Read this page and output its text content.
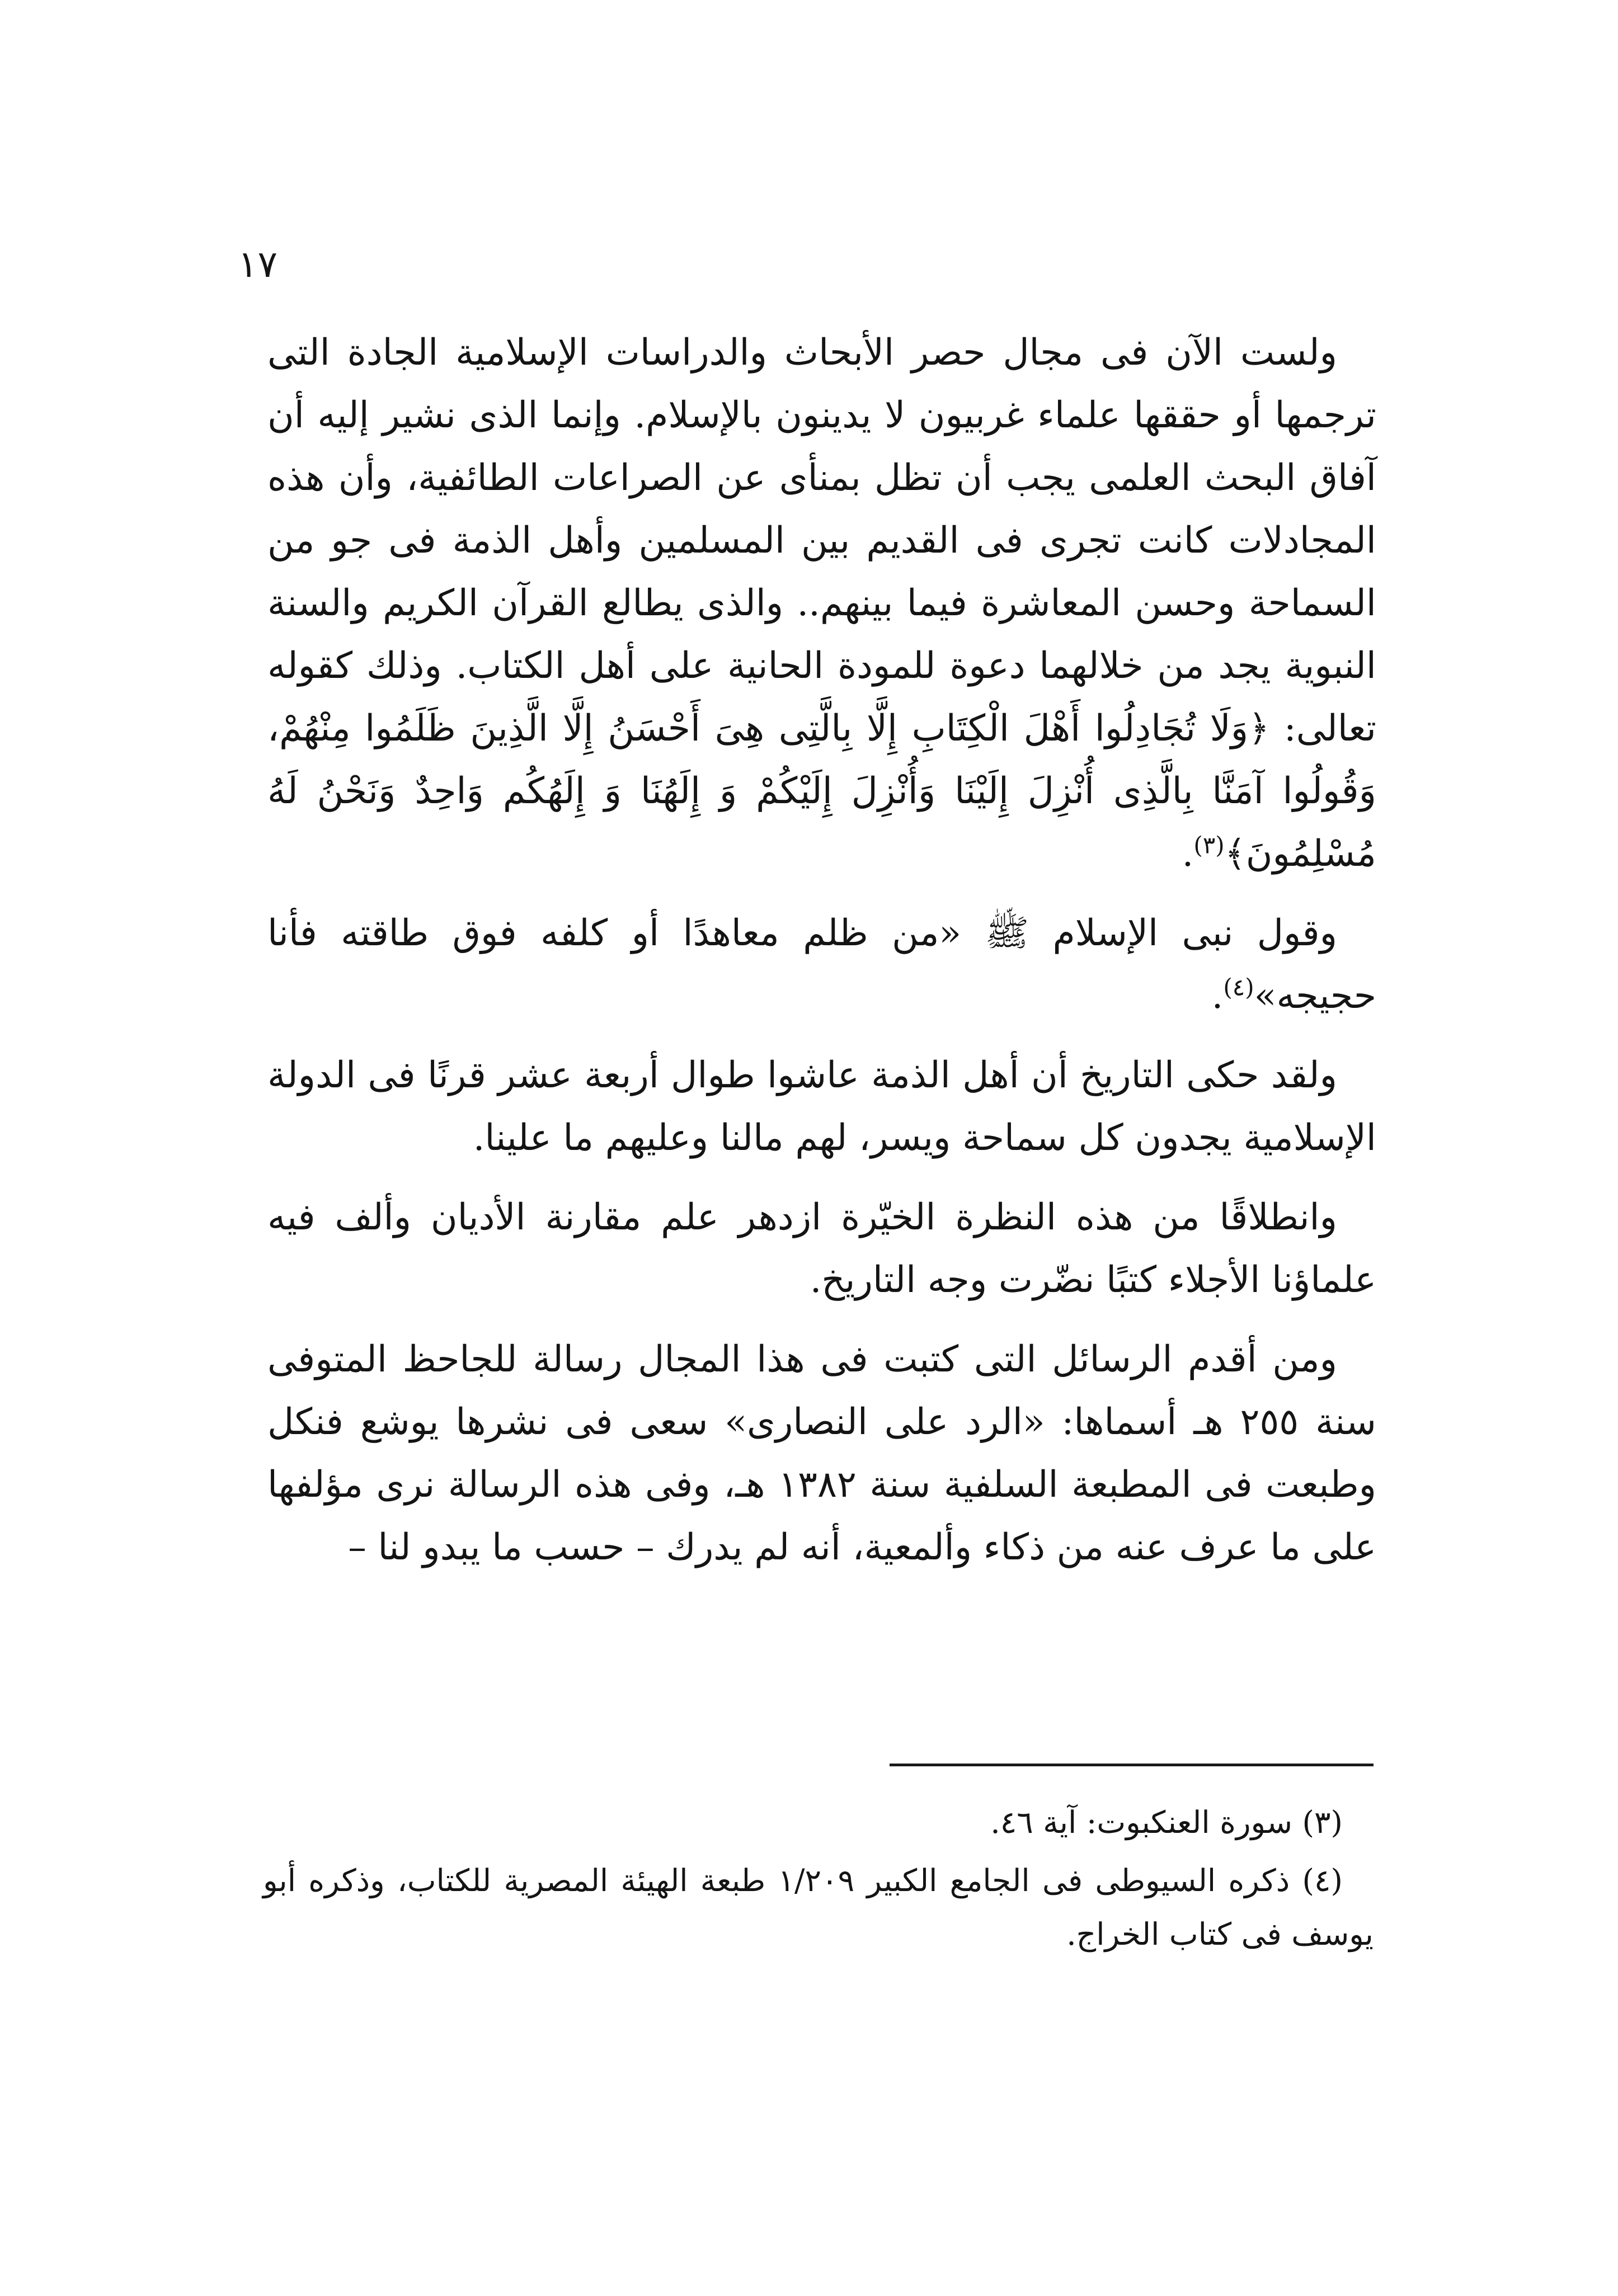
١٧

ولست الآن فى مجال حصر الأبحاث والدراسات الإسلامية الجادة التى ترجمها أو حققها علماء غربيون لا يدينون بالإسلام. وإنما الذى نشير إليه أن آفاق البحث العلمى يجب أن تظل بمنأى عن الصراعات الطائفية، وأن هذه المجادلات كانت تجرى فى القديم بين المسلمين وأهل الذمة فى جو من السماحة وحسن المعاشرة فيما بينهم.. والذى يطالع القرآن الكريم والسنة النبوية يجد من خلالهما دعوة للمودة الحانية على أهل الكتاب. وذلك كقوله تعالى: ﴿وَلَا تُجَادِلُوا أَهْلَ الْكِتَابِ إِلَّا بِالَّتِى هِىَ أَحْسَنُ إِلَّا الَّذِينَ ظَلَمُوا مِنْهُمْ، وَقُولُوا آمَنَّا بِالَّذِى أُنْزِلَ إِلَيْنَا وَأُنْزِلَ إِلَيْكُمْ وَ إِلَهُنَا وَ إِلَهُكُم وَاحِدٌ وَنَحْنُ لَهُ مُسْلِمُونَ﴾$^{(٣)}$.

وقول نبى الإسلام ﷺ «من ظلم معاهدًا أو كلفه فوق طاقته فأنا حجيجه»$^{(٤)}$.

ولقد حكى التاريخ أن أهل الذمة عاشوا طوال أربعة عشر قرنًا فى الدولة الإسلامية يجدون كل سماحة ويسر، لهم مالنا وعليهم ما علينا.

وانطلاقًا من هذه النظرة الخيّرة ازدهر علم مقارنة الأديان وألف فيه علماؤنا الأجلاء كتبًا نضّرت وجه التاريخ.

ومن أقدم الرسائل التى كتبت فى هذا المجال رسالة للجاحظ المتوفى سنة ٢٥٥ هـ أسماها: «الرد على النصارى» سعى فى نشرها يوشع فنكل وطبعت فى المطبعة السلفية سنة ١٣٨٢ هـ، وفى هذه الرسالة نرى مؤلفها على ما عرف عنه من ذكاء وألمعية، أنه لم يدرك – حسب ما يبدو لنا –

(٣) سورة العنكبوت: آية ٤٦.

(٤) ذكره السيوطى فى الجامع الكبير ١/٢٠٩ طبعة الهيئة المصرية للكتاب، وذكره أبو يوسف فى كتاب الخراج.
